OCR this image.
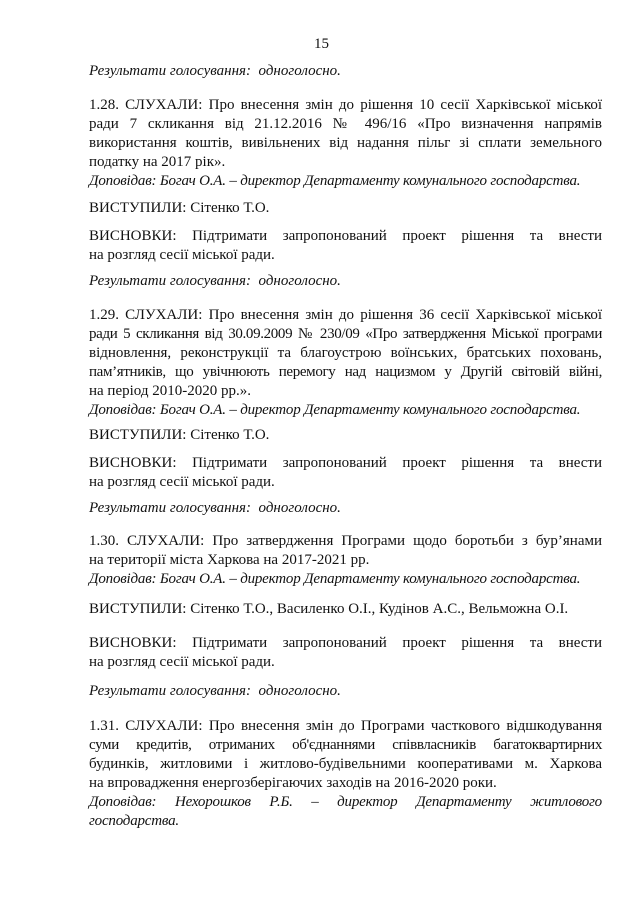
15
Результати голосування: одноголосно.
1.28. СЛУХАЛИ: Про внесення змін до рішення 10 сесії Харківської міської
ради 7 скликання від 21.12.2016 № 496/16 «Про визначення напрямів
використання коштів, вивільнених від надання пільг зі сплати земельного
податку на 2017 рік».
Доповідав: Богач О.А. – директор Департаменту комунального господарства.
ВИСТУПИЛИ: Сітенко Т.О.
ВИСНОВКИ: Підтримати запропонований проект рішення та внести
на розгляд сесії міської ради.
Результати голосування: одноголосно.
1.29. СЛУХАЛИ: Про внесення змін до рішення 36 сесії Харківської міської
ради 5 скликання від 30.09.2009 № 230/09 «Про затвердження Міської програми
відновлення, реконструкції та благоустрою воїнських, братських поховань,
пам’ятників, що увічнюють перемогу над нацизмом у Другій світовій війні,
на період 2010-2020 рр.».
Доповідав: Богач О.А. – директор Департаменту комунального господарства.
ВИСТУПИЛИ: Сітенко Т.О.
ВИСНОВКИ: Підтримати запропонований проект рішення та внести
на розгляд сесії міської ради.
Результати голосування: одноголосно.
1.30. СЛУХАЛИ: Про затвердження Програми щодо боротьби з бур’янами
на території міста Харкова на 2017-2021 рр.
Доповідав: Богач О.А. – директор Департаменту комунального господарства.
ВИСТУПИЛИ: Сітенко Т.О., Василенко О.І., Кудінов А.С., Вельможна О.І.
ВИСНОВКИ: Підтримати запропонований проект рішення та внести
на розгляд сесії міської ради.
Результати голосування: одноголосно.
1.31. СЛУХАЛИ: Про внесення змін до Програми часткового відшкодування
суми кредитів, отриманих об'єднаннями співвласників багатоквартирних
будинків, житловими і житлово-будівельними кооперативами м. Харкова
на впровадження енергозберігаючих заходів на 2016-2020 роки.
Доповідав: Нехорошков Р.Б. – директор Департаменту житлового
господарства.
